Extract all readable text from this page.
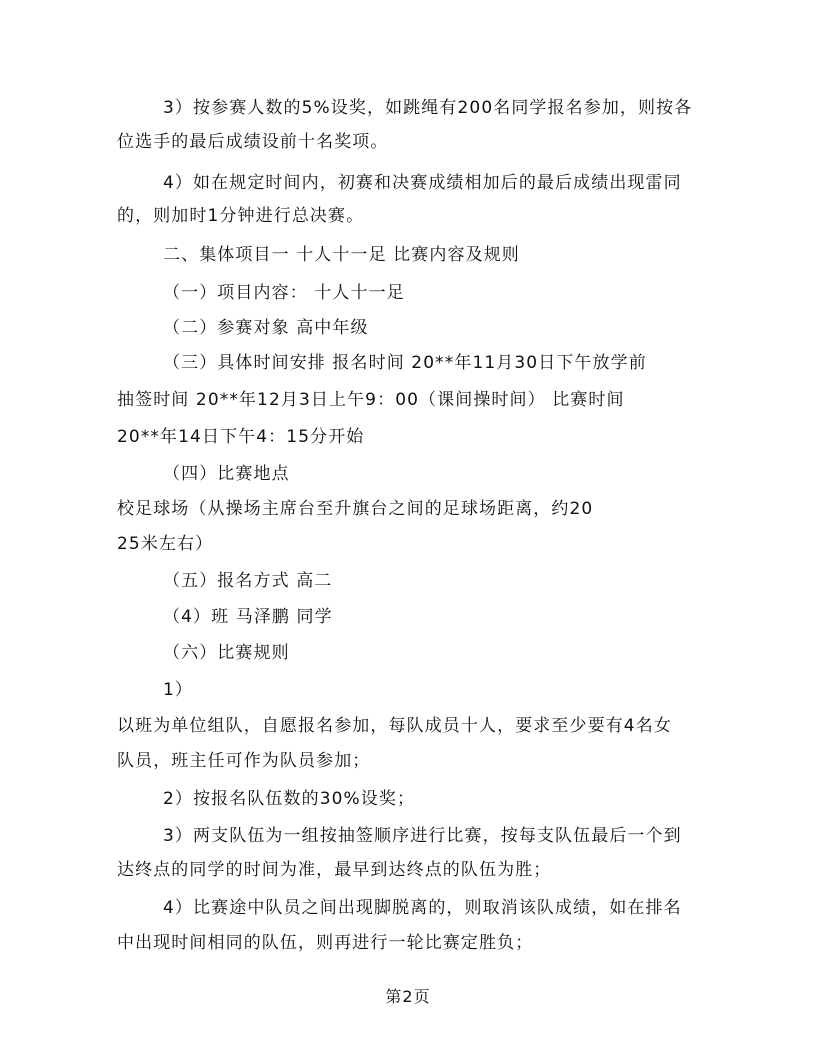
3）按参赛人数的5%设奖，如跳绳有200名同学报名参加，则按各
位选手的最后成绩设前十名奖项。
4）如在规定时间内，初赛和决赛成绩相加后的最后成绩出现雷同
的，则加时1分钟进行总决赛。
二、集体项目一 十人十一足 比赛内容及规则
（一）项目内容： 十人十一足
（二）参赛对象 高中年级
（三）具体时间安排 报名时间 20**年11月30日下午放学前
抽签时间 20**年12月3日上午9：00（课间操时间） 比赛时间
20**年14日下午4：15分开始
（四）比赛地点
校足球场（从操场主席台至升旗台之间的足球场距离，约20
25米左右）
（五）报名方式 高二
（4）班 马泽鹏 同学
（六）比赛规则
1）
以班为单位组队，自愿报名参加，每队成员十人，要求至少要有4名女
队员，班主任可作为队员参加；
2）按报名队伍数的30%设奖；
3）两支队伍为一组按抽签顺序进行比赛，按每支队伍最后一个到
达终点的同学的时间为准，最早到达终点的队伍为胜；
4）比赛途中队员之间出现脚脱离的，则取消该队成绩，如在排名
中出现时间相同的队伍，则再进行一轮比赛定胜负；
第2页
